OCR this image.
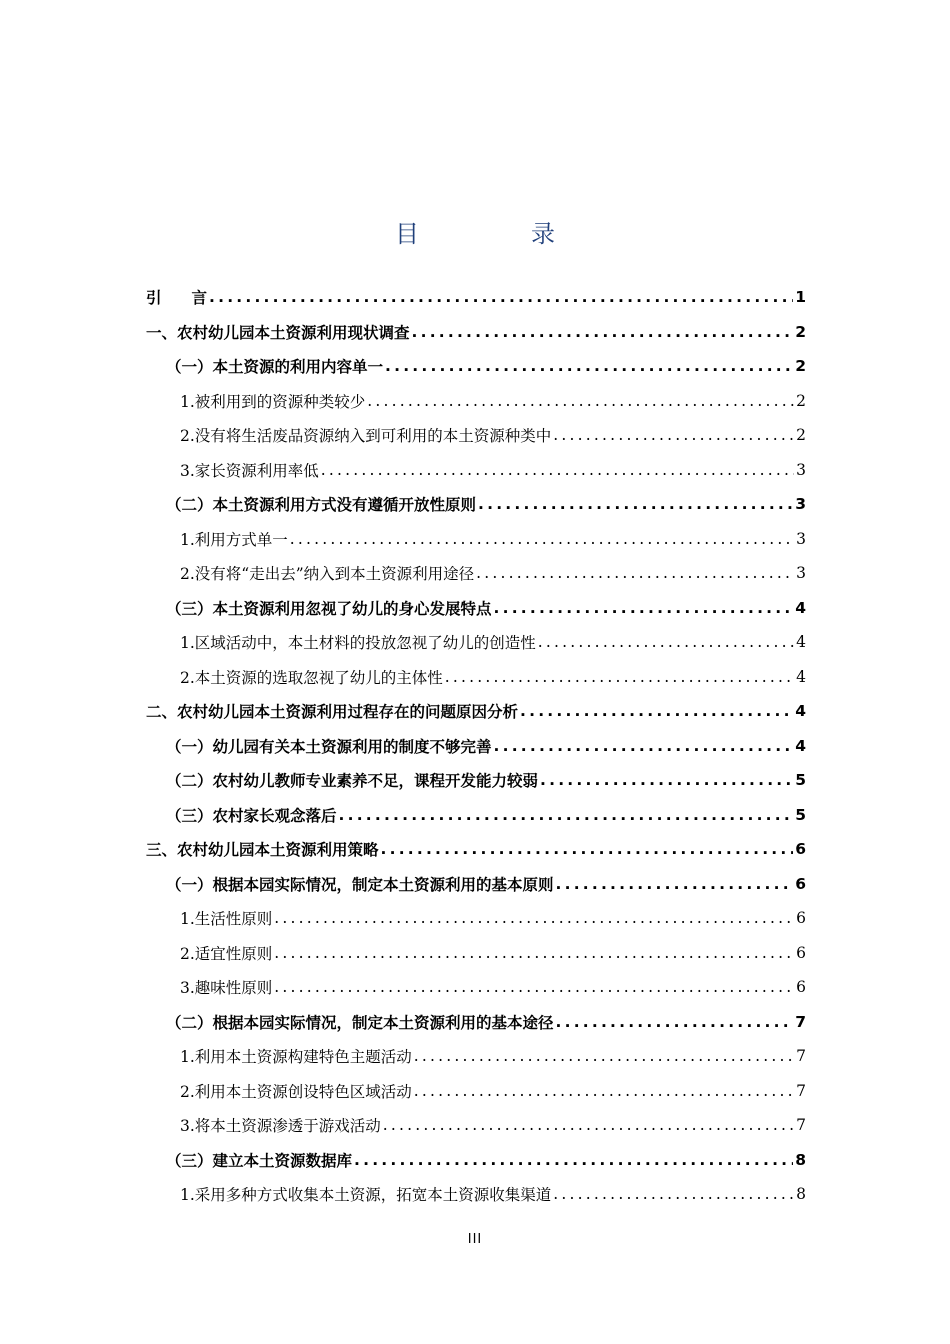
目　录
引 言 .....	1
一、农村幼儿园本土资源利用现状调查 .....	2
（一）本土资源的利用内容单一 .....	2
1.被利用到的资源种类较少 .....	2
2.没有将生活废品资源纳入到可利用的本土资源种类中 .....	2
3.家长资源利用率低 .....	3
（二）本土资源利用方式没有遵循开放性原则 .....	3
1.利用方式单一 .....	3
2.没有将“走出去”纳入到本土资源利用途径 .....	3
（三）本土资源利用忽视了幼儿的身心发展特点 .....	4
1.区域活动中，本土材料的投放忽视了幼儿的创造性 .....	4
2.本土资源的选取忽视了幼儿的主体性 .....	4
二、农村幼儿园本土资源利用过程存在的问题原因分析 .....	4
（一）幼儿园有关本土资源利用的制度不够完善 .....	4
（二）农村幼儿教师专业素养不足，课程开发能力较弱 .....	5
（三）农村家长观念落后 .....	5
三、农村幼儿园本土资源利用策略 .....	6
（一）根据本园实际情况，制定本土资源利用的基本原则 .....	6
1.生活性原则 .....	6
2.适宜性原则 .....	6
3.趣味性原则 .....	6
（二）根据本园实际情况，制定本土资源利用的基本途径 .....	7
1.利用本土资源构建特色主题活动 .....	7
2.利用本土资源创设特色区域活动 .....	7
3.将本土资源渗透于游戏活动 .....	7
（三）建立本土资源数据库 .....	8
1.采用多种方式收集本土资源，拓宽本土资源收集渠道 .....	8
III
